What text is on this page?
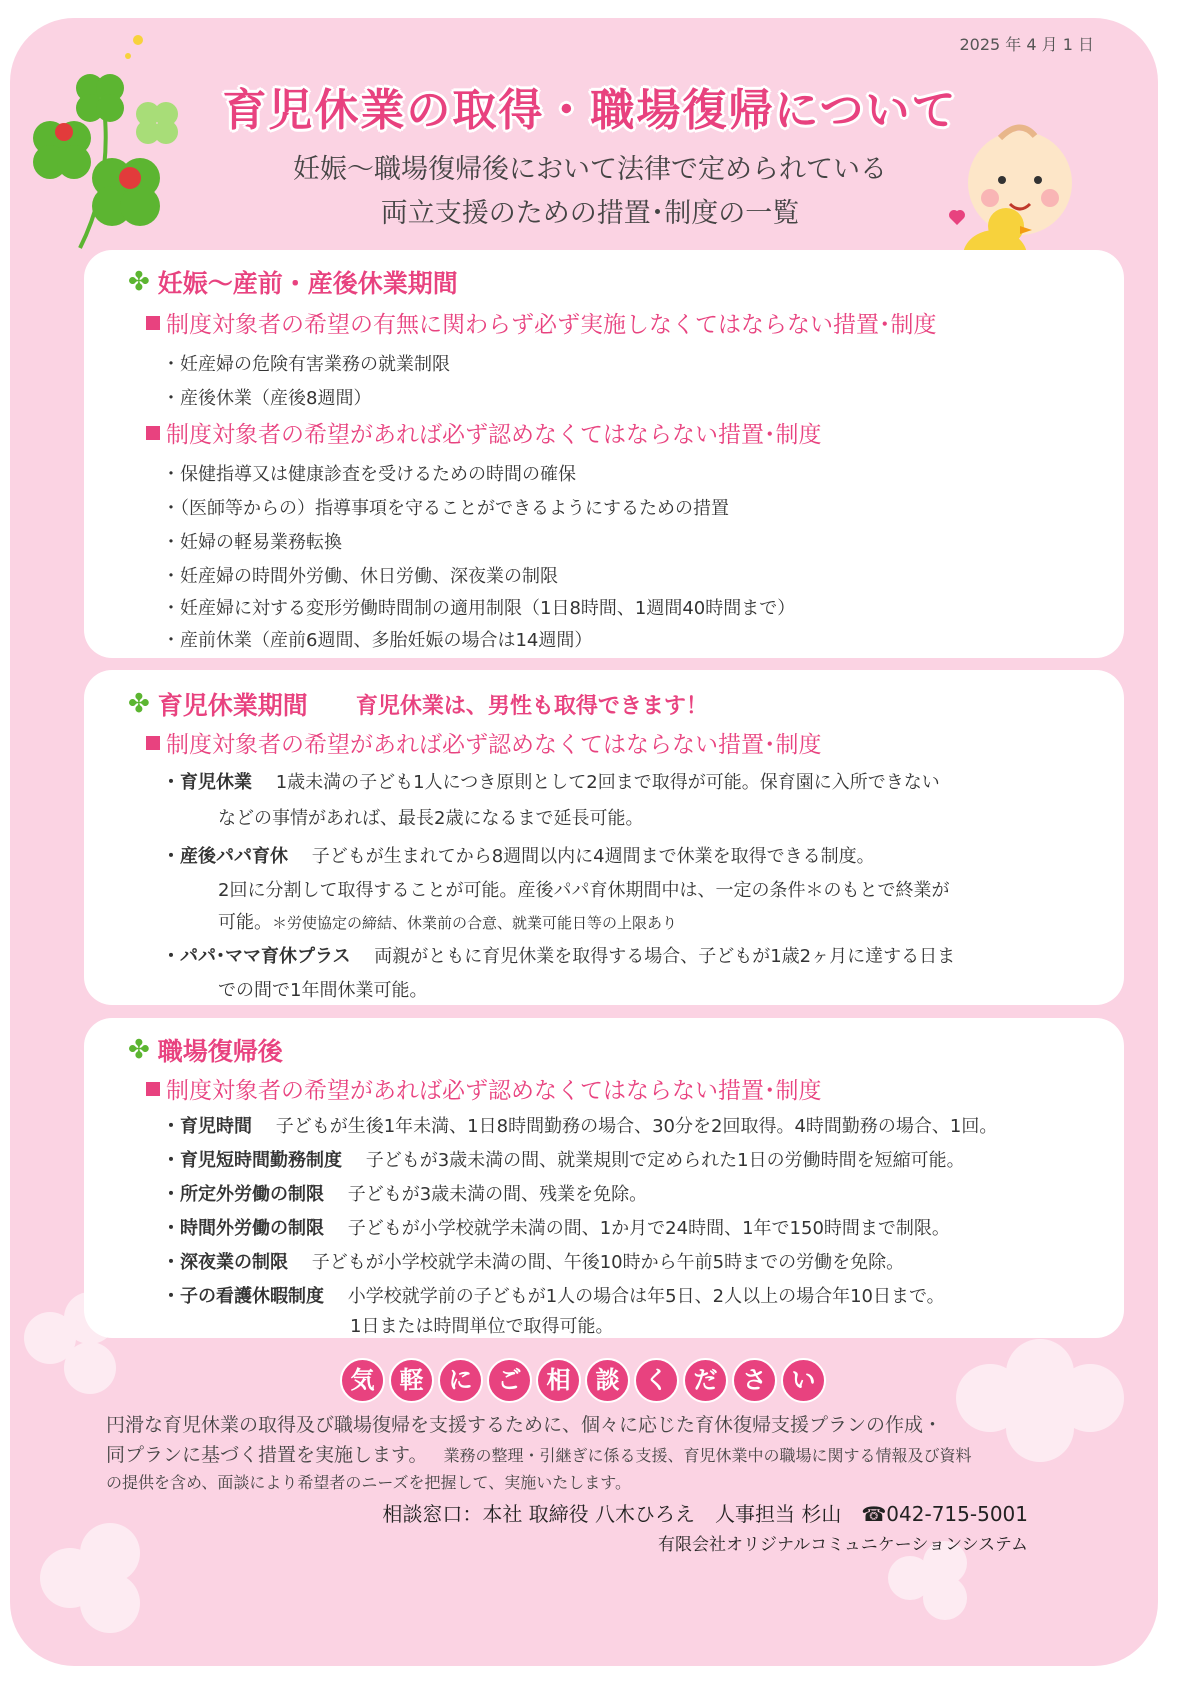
2025 年 4 月 1 日
育児休業の取得・職場復帰について
妊娠～職場復帰後において法律で定められている
両立支援のための措置･制度の一覧
✤ 妊娠～産前・産後休業期間
制度対象者の希望の有無に関わらず必ず実施しなくてはならない措置･制度
・妊産婦の危険有害業務の就業制限
・産後休業（産後8週間）
制度対象者の希望があれば必ず認めなくてはならない措置･制度
・保健指導又は健康診査を受けるための時間の確保
・（医師等からの）指導事項を守ることができるようにするための措置
・妊婦の軽易業務転換
・妊産婦の時間外労働、休日労働、深夜業の制限
・妊産婦に対する変形労働時間制の適用制限（1日8時間、1週間40時間まで）
・産前休業（産前6週間、多胎妊娠の場合は14週間）
✤ 育児休業期間 育児休業は、男性も取得できます！
制度対象者の希望があれば必ず認めなくてはならない措置･制度
・育児休業 1歳未満の子ども1人につき原則として2回まで取得が可能。保育園に入所できない
などの事情があれば、最長2歳になるまで延長可能。
・産後パパ育休 子どもが生まれてから8週間以内に4週間まで休業を取得できる制度。
2回に分割して取得することが可能。産後パパ育休期間中は、一定の条件＊のもとで終業が
可能。＊労使協定の締結、休業前の合意、就業可能日等の上限あり
・パパ･ママ育休プラス 両親がともに育児休業を取得する場合、子どもが1歳2ヶ月に達する日ま
での間で1年間休業可能。
✤ 職場復帰後
制度対象者の希望があれば必ず認めなくてはならない措置･制度
・育児時間 子どもが生後1年未満、1日8時間勤務の場合、30分を2回取得。4時間勤務の場合、1回。
・育児短時間勤務制度 子どもが3歳未満の間、就業規則で定められた1日の労働時間を短縮可能。
・所定外労働の制限 子どもが3歳未満の間、残業を免除。
・時間外労働の制限 子どもが小学校就学未満の間、1か月で24時間、1年で150時間まで制限。
・深夜業の制限 子どもが小学校就学未満の間、午後10時から午前5時までの労働を免除。
・子の看護休暇制度 小学校就学前の子どもが1人の場合は年5日、2人以上の場合年10日まで。
1日または時間単位で取得可能。
気	軽	に	ご	相	談	く	だ	さ	い
円滑な育児休業の取得及び職場復帰を支援するために、個々に応じた育休復帰支援プランの作成・
同プランに基づく措置を実施します。 業務の整理・引継ぎに係る支援、育児休業中の職場に関する情報及び資料
の提供を含め、面談により希望者のニーズを把握して、実施いたします。
相談窓口：本社 取締役 八木ひろえ　人事担当 杉山　☎042-715-5001
有限会社オリジナルコミュニケーションシステム
